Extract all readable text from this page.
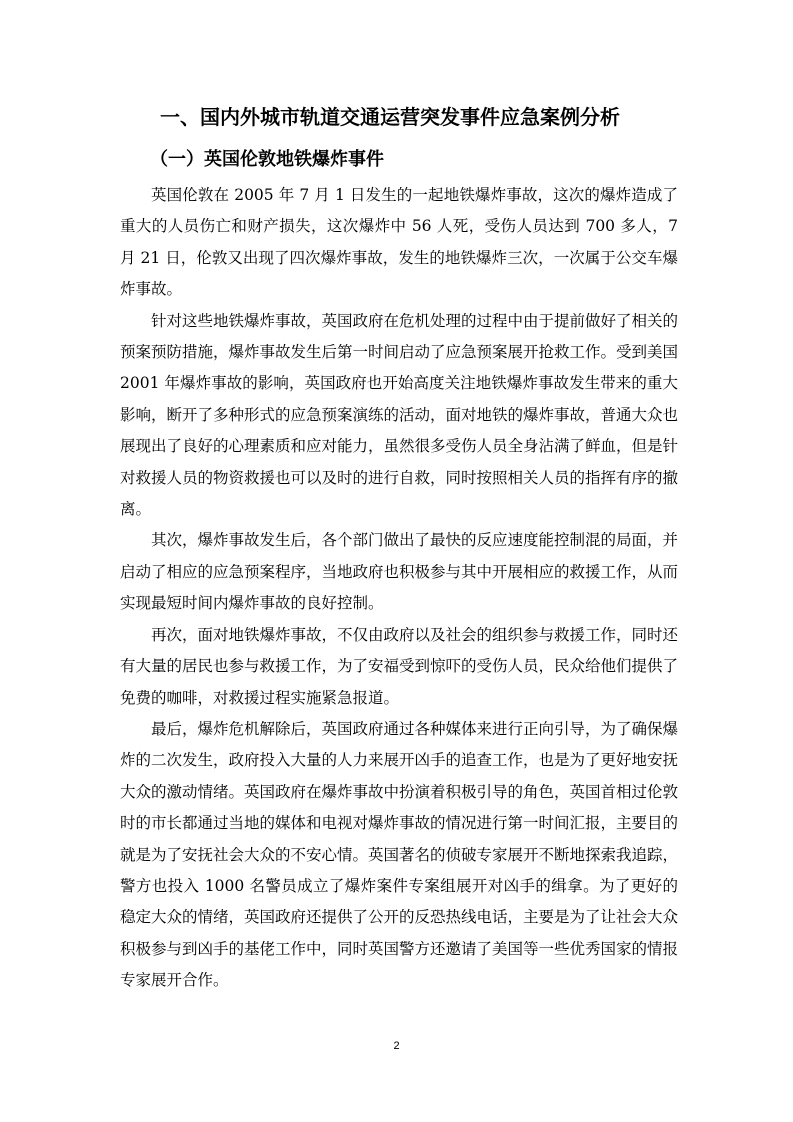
一、国内外城市轨道交通运营突发事件应急案例分析
（一）英国伦敦地铁爆炸事件

英国伦敦在 2005 年 7 月 1 日发生的一起地铁爆炸事故，这次的爆炸造成了重大的人员伤亡和财产损失，这次爆炸中 56 人死，受伤人员达到 700 多人，7 月 21 日，伦敦又出现了四次爆炸事故，发生的地铁爆炸三次，一次属于公交车爆炸事故。

针对这些地铁爆炸事故，英国政府在危机处理的过程中由于提前做好了相关的预案预防措施，爆炸事故发生后第一时间启动了应急预案展开抢救工作。受到美国 2001 年爆炸事故的影响，英国政府也开始高度关注地铁爆炸事故发生带来的重大影响，断开了多种形式的应急预案演练的活动，面对地铁的爆炸事故，普通大众也展现出了良好的心理素质和应对能力，虽然很多受伤人员全身沾满了鲜血，但是针对救援人员的物资救援也可以及时的进行自救，同时按照相关人员的指挥有序的撤离。

其次，爆炸事故发生后，各个部门做出了最快的反应速度能控制混的局面，并启动了相应的应急预案程序，当地政府也积极参与其中开展相应的救援工作，从而实现最短时间内爆炸事故的良好控制。

再次，面对地铁爆炸事故，不仅由政府以及社会的组织参与救援工作，同时还有大量的居民也参与救援工作，为了安福受到惊吓的受伤人员，民众给他们提供了免费的咖啡，对救援过程实施紧急报道。

最后，爆炸危机解除后，英国政府通过各种媒体来进行正向引导，为了确保爆炸的二次发生，政府投入大量的人力来展开凶手的追查工作，也是为了更好地安抚大众的激动情绪。英国政府在爆炸事故中扮演着积极引导的角色，英国首相过伦敦时的市长都通过当地的媒体和电视对爆炸事故的情况进行第一时间汇报，主要目的就是为了安抚社会大众的不安心情。英国著名的侦破专家展开不断地探索我追踪，警方也投入 1000 名警员成立了爆炸案件专案组展开对凶手的缉拿。为了更好的稳定大众的情绪，英国政府还提供了公开的反恐热线电话，主要是为了让社会大众积极参与到凶手的基佬工作中，同时英国警方还邀请了美国等一些优秀国家的情报专家展开合作。

2
